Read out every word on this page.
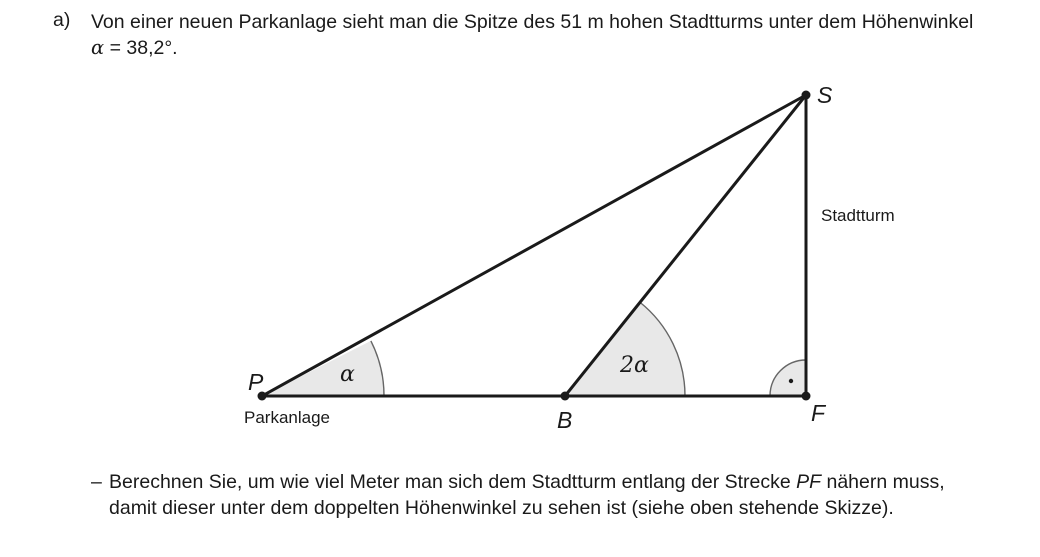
a) Von einer neuen Parkanlage sieht man die Spitze des 51 m hohen Stadtturms unter dem Höhenwinkel α = 38,2°.
S
P
B	F
Stadtturm
Parkanlage
α	2α
– Berechnen Sie, um wie viel Meter man sich dem Stadtturm entlang der Strecke PF nähern muss, damit dieser unter dem doppelten Höhenwinkel zu sehen ist (siehe oben stehende Skizze).
